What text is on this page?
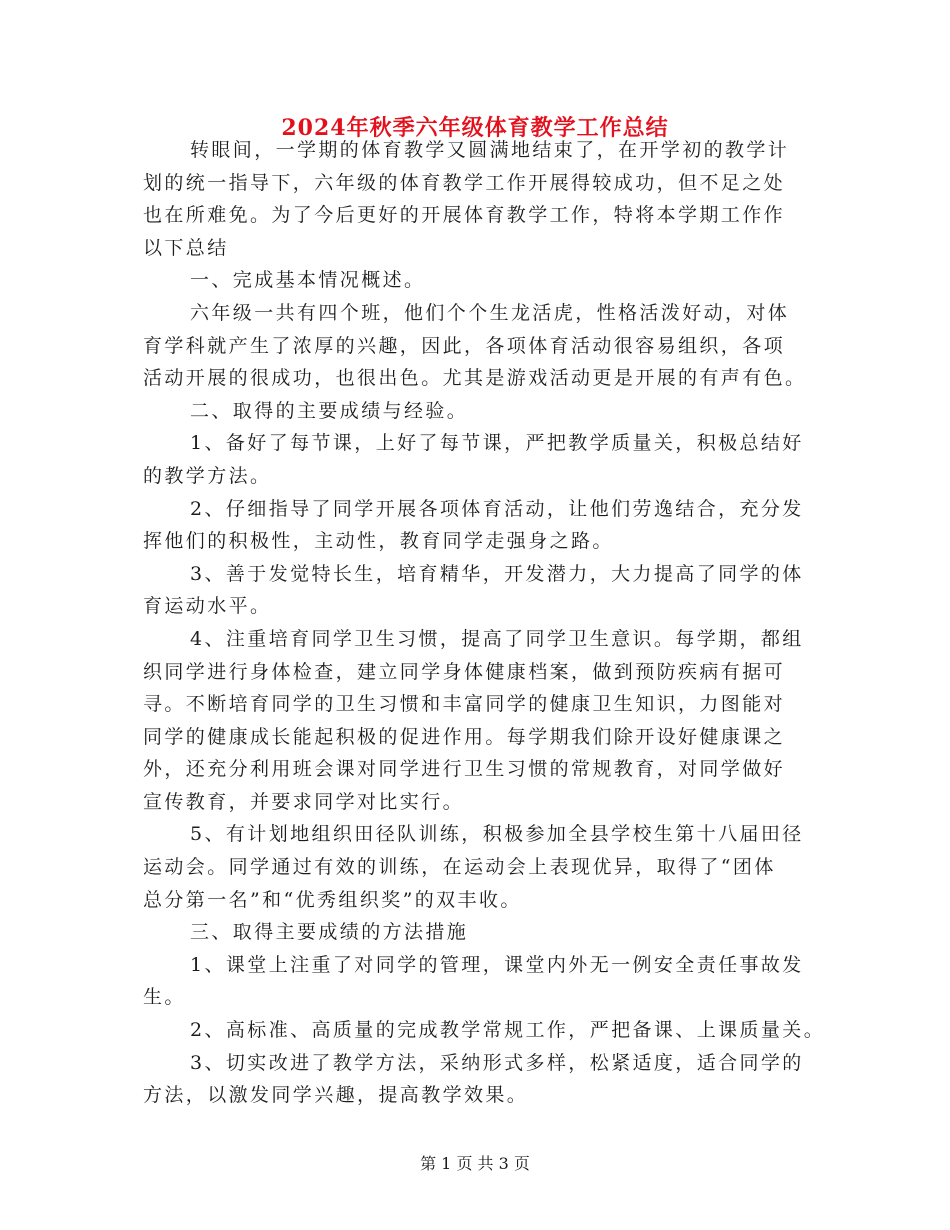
2024年秋季六年级体育教学工作总结
转眼间，一学期的体育教学又圆满地结束了，在开学初的教学计
划的统一指导下，六年级的体育教学工作开展得较成功，但不足之处
也在所难免。为了今后更好的开展体育教学工作，特将本学期工作作
以下总结
一、完成基本情况概述。
六年级一共有四个班，他们个个生龙活虎，性格活泼好动，对体
育学科就产生了浓厚的兴趣，因此，各项体育活动很容易组织，各项
活动开展的很成功，也很出色。尤其是游戏活动更是开展的有声有色。
二、取得的主要成绩与经验。
1、备好了每节课，上好了每节课，严把教学质量关，积极总结好
的教学方法。
2、仔细指导了同学开展各项体育活动，让他们劳逸结合，充分发
挥他们的积极性，主动性，教育同学走强身之路。
3、善于发觉特长生，培育精华，开发潜力，大力提高了同学的体
育运动水平。
4、注重培育同学卫生习惯，提高了同学卫生意识。每学期，都组
织同学进行身体检查，建立同学身体健康档案，做到预防疾病有据可
寻。不断培育同学的卫生习惯和丰富同学的健康卫生知识，力图能对
同学的健康成长能起积极的促进作用。每学期我们除开设好健康课之
外，还充分利用班会课对同学进行卫生习惯的常规教育，对同学做好
宣传教育，并要求同学对比实行。
5、有计划地组织田径队训练，积极参加全县学校生第十八届田径
运动会。同学通过有效的训练，在运动会上表现优异，取得了“团体
总分第一名”和“优秀组织奖”的双丰收。
三、取得主要成绩的方法措施
1、课堂上注重了对同学的管理，课堂内外无一例安全责任事故发
生。
2、高标准、高质量的完成教学常规工作，严把备课、上课质量关。
3、切实改进了教学方法，采纳形式多样，松紧适度，适合同学的
方法，以激发同学兴趣，提高教学效果。
第 1 页 共 3 页
